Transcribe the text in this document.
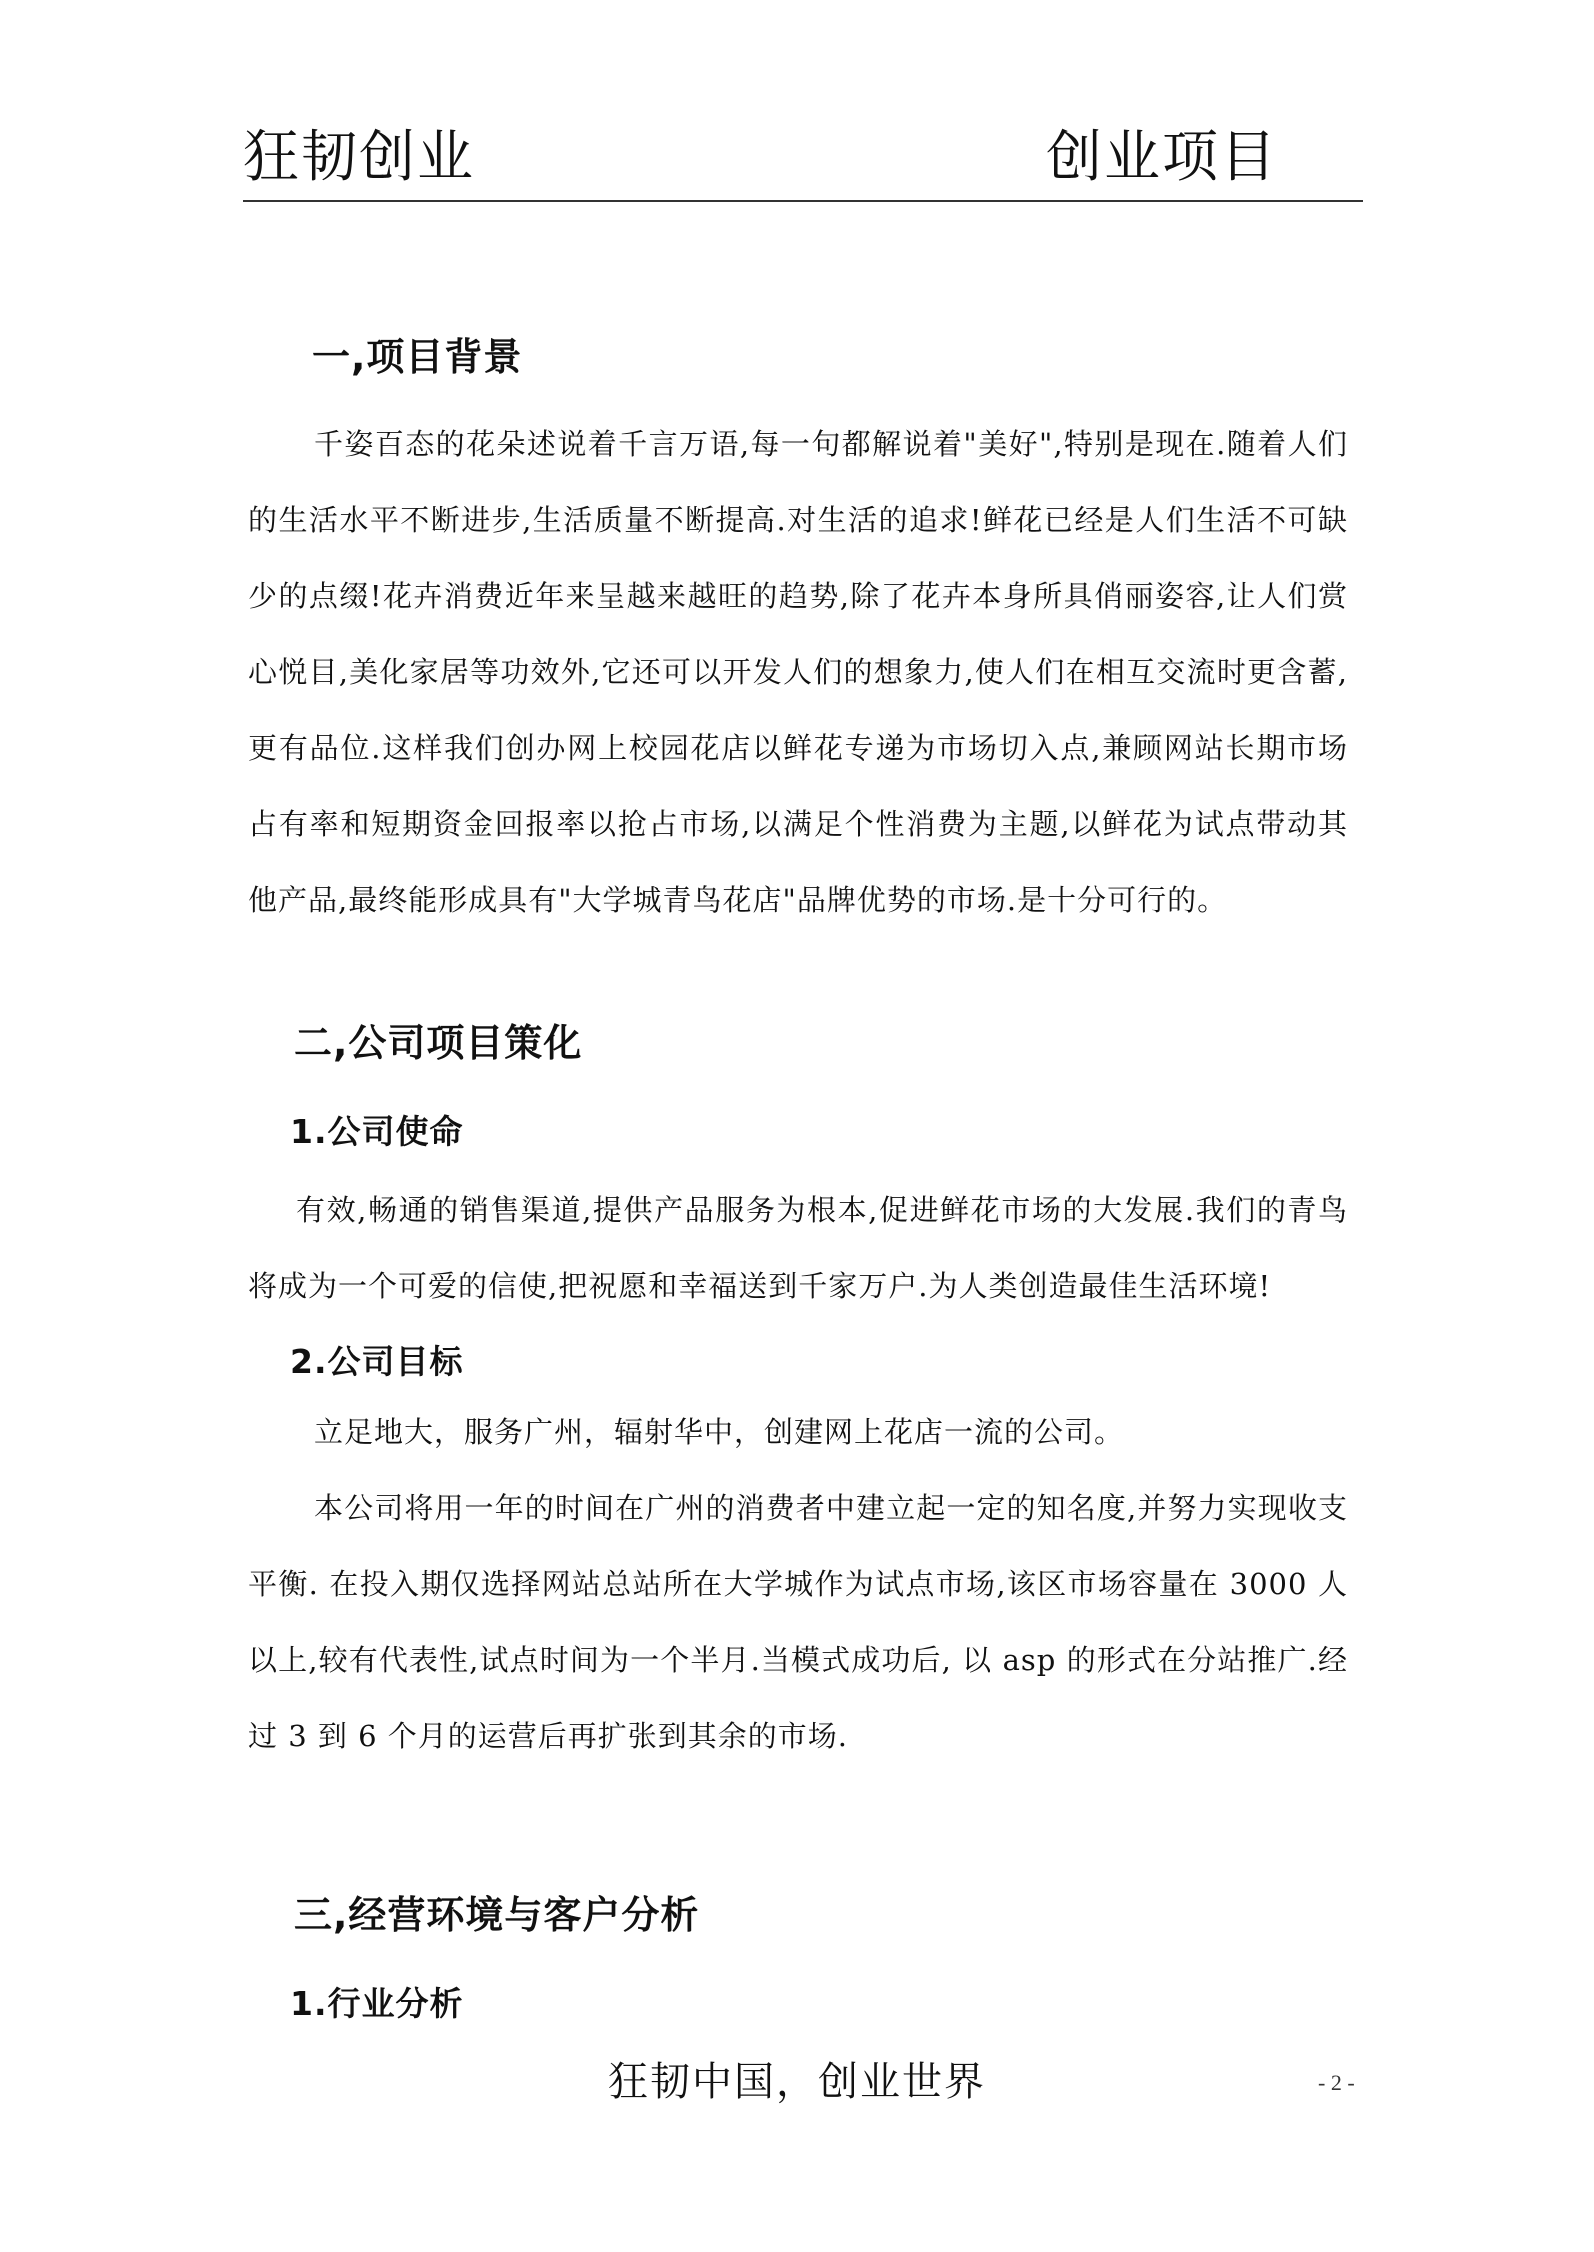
狂韧创业	创业项目
一,项目背景

千姿百态的花朵述说着千言万语,每一句都解说着"美好",特别是现在.随着人们的生活水平不断进步,生活质量不断提高.对生活的追求!鲜花已经是人们生活不可缺少的点缀!花卉消费近年来呈越来越旺的趋势,除了花卉本身所具俏丽姿容,让人们赏心悦目,美化家居等功效外,它还可以开发人们的想象力,使人们在相互交流时更含蓄,更有品位.这样我们创办网上校园花店以鲜花专递为市场切入点,兼顾网站长期市场占有率和短期资金回报率以抢占市场,以满足个性消费为主题,以鲜花为试点带动其他产品,最终能形成具有"大学城青鸟花店"品牌优势的市场.是十分可行的。

二,公司项目策化
1.公司使命

有效,畅通的销售渠道,提供产品服务为根本,促进鲜花市场的大发展.我们的青鸟将成为一个可爱的信使,把祝愿和幸福送到千家万户.为人类创造最佳生活环境!

2.公司目标

立足地大，服务广州，辐射华中，创建网上花店一流的公司。

本公司将用一年的时间在广州的消费者中建立起一定的知名度,并努力实现收支平衡. 在投入期仅选择网站总站所在大学城作为试点市场,该区市场容量在 3000 人以上,较有代表性,试点时间为一个半月.当模式成功后, 以 asp 的形式在分站推广.经过 3 到 6 个月的运营后再扩张到其余的市场.

三,经营环境与客户分析
1.行业分析
狂韧中国，创业世界	- 2 -
